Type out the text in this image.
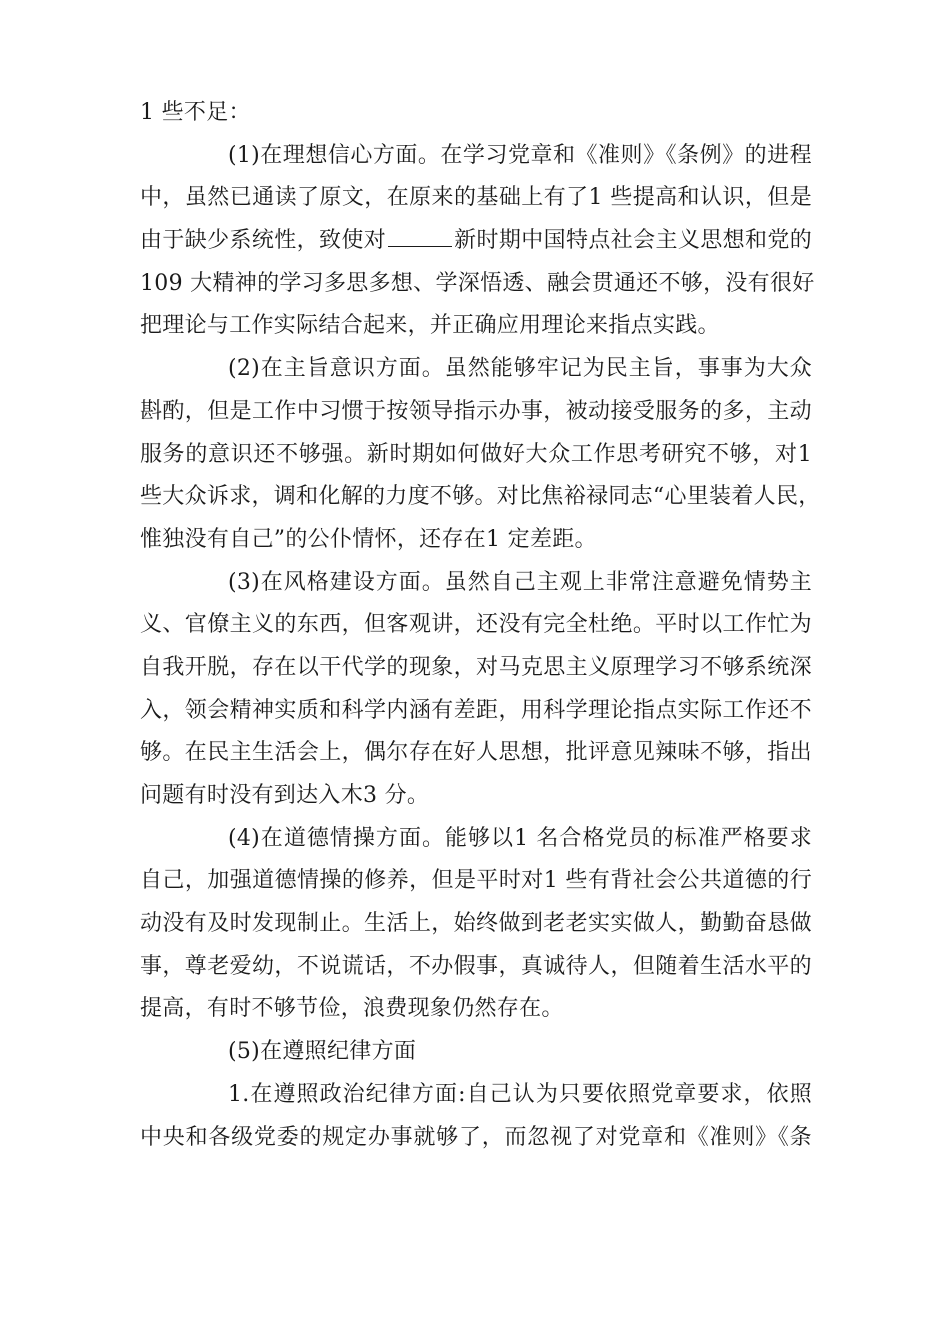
1 些不足：
(1)在理想信心方面。在学习党章和《准则》《条例》的进程
中，虽然已通读了原文，在原来的基础上有了1 些提高和认识，但是
由于缺少系统性，致使对	新时期中国特点社会主义思想和党的
109 大精神的学习多思多想、学深悟透、融会贯通还不够，没有很好
把理论与工作实际结合起来，并正确应用理论来指点实践。
(2)在主旨意识方面。虽然能够牢记为民主旨，事事为大众
斟酌，但是工作中习惯于按领导指示办事，被动接受服务的多，主动
服务的意识还不够强。新时期如何做好大众工作思考研究不够，对1
些大众诉求，调和化解的力度不够。对比焦裕禄同志“心里装着人民，
惟独没有自己”的公仆情怀，还存在1 定差距。
(3)在风格建设方面。虽然自己主观上非常注意避免情势主
义、官僚主义的东西，但客观讲，还没有完全杜绝。平时以工作忙为
自我开脱，存在以干代学的现象，对马克思主义原理学习不够系统深
入，领会精神实质和科学内涵有差距，用科学理论指点实际工作还不
够。在民主生活会上，偶尔存在好人思想，批评意见辣味不够，指出
问题有时没有到达入木3 分。
(4)在道德情操方面。能够以1 名合格党员的标准严格要求
自己，加强道德情操的修养，但是平时对1 些有背社会公共道德的行
动没有及时发现制止。生活上，始终做到老老实实做人，勤勤奋恳做
事，尊老爱幼，不说谎话，不办假事，真诚待人，但随着生活水平的
提高，有时不够节俭，浪费现象仍然存在。
(5)在遵照纪律方面
1.在遵照政治纪律方面:自己认为只要依照党章要求，依照
中央和各级党委的规定办事就够了，而忽视了对党章和《准则》《条
